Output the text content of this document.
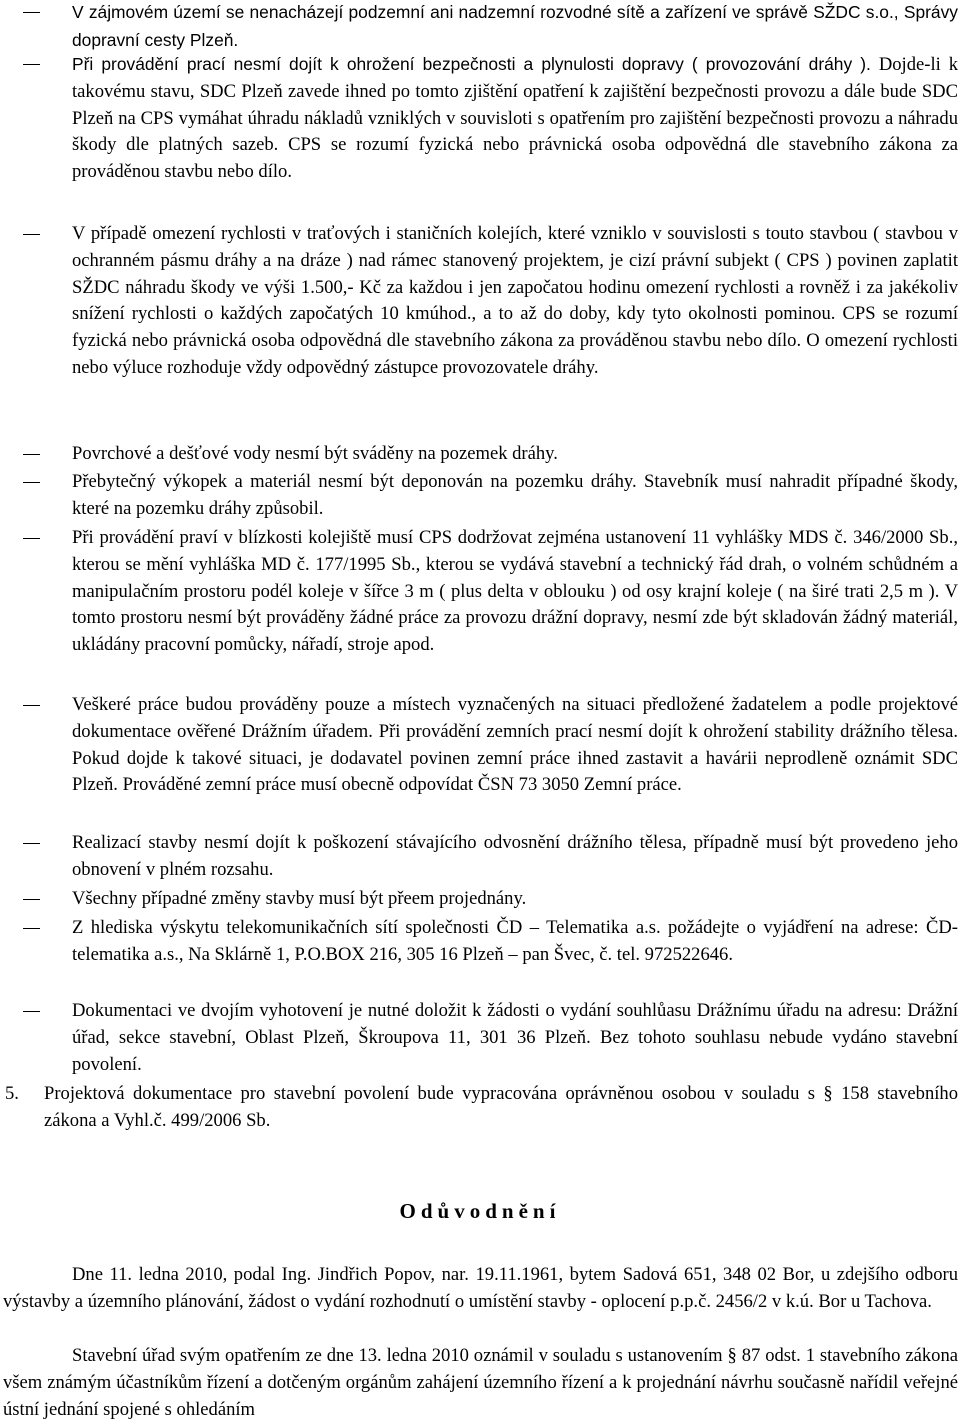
V zájmovém území se nenacházejí podzemní ani nadzemní rozvodné sítě a zařízení ve správě SŽDC s.o., Správy dopravní cesty Plzeň.
Při provádění prací nesmí dojít k ohrožení bezpečnosti a plynulosti dopravy ( provozování dráhy ). Dojde-li k takovému stavu, SDC Plzeň zavede ihned po tomto zjištění opatření k zajištění bezpečnosti provozu a dále bude SDC Plzeň na CPS vymáhat úhradu nákladů vzniklých v souvisloti s opatřením pro zajištění bezpečnosti provozu a náhradu škody dle platných sazeb. CPS se rozumí fyzická nebo právnická osoba odpovědná dle stavebního zákona za prováděnou stavbu nebo dílo.
V případě omezení rychlosti v traťových i staničních kolejích, které vzniklo v souvislosti s touto stavbou ( stavbou v ochranném pásmu dráhy a na dráze ) nad rámec stanovený projektem, je cizí právní subjekt ( CPS ) povinen zaplatit SŽDC náhradu škody ve výši 1.500,- Kč za každou i jen započatou hodinu omezení rychlosti a rovněž i za jakékoliv snížení rychlosti o každých započatých 10 kmúhod., a to až do doby, kdy tyto okolnosti pominou. CPS se rozumí fyzická nebo právnická osoba odpovědná dle stavebního zákona za prováděnou stavbu nebo dílo. O omezení rychlosti nebo výluce rozhoduje vždy odpovědný zástupce provozovatele dráhy.
Povrchové a dešťové vody nesmí být sváděny na pozemek dráhy.
Přebytečný výkopek a materiál nesmí být deponován na pozemku dráhy. Stavebník musí nahradit případné škody, které na pozemku dráhy způsobil.
Při provádění praví v blízkosti kolejiště musí CPS dodržovat zejména ustanovení 11 vyhlášky MDS č. 346/2000 Sb., kterou se mění vyhláška MD č. 177/1995 Sb., kterou se vydává stavební a technický řád drah, o volném schůdném a manipulačním prostoru podél koleje v šířce 3 m ( plus delta v oblouku ) od osy krajní koleje ( na širé trati 2,5 m ). V tomto prostoru nesmí být prováděny žádné práce za provozu drážní dopravy, nesmí zde být skladován žádný materiál, ukládány pracovní pomůcky, nářadí, stroje apod.
Veškeré práce budou prováděny pouze a místech vyznačených na situaci předložené žadatelem a podle projektové dokumentace ověřené Drážním úřadem. Při provádění zemních prací nesmí dojít k ohrožení stability drážního tělesa. Pokud dojde k takové situaci, je dodavatel povinen zemní práce ihned zastavit a havárii neprodleně oznámit SDC Plzeň. Prováděné zemní práce musí obecně odpovídat ČSN 73 3050 Zemní práce.
Realizací stavby nesmí dojít k poškození stávajícího odvosnění drážního tělesa, případně musí být provedeno jeho obnovení v plném rozsahu.
Všechny případné změny stavby musí být přeem projednány.
Z hlediska výskytu telekomunikačních sítí společnosti ČD – Telematika a.s. požádejte o vyjádření na adrese: ČD-telematika a.s., Na Sklárně 1, P.O.BOX 216, 305 16 Plzeň – pan Švec, č. tel. 972522646.
Dokumentaci ve dvojím vyhotovení je nutné doložit k žádosti o vydání souhlůasu Drážnímu úřadu na adresu: Drážní úřad, sekce stavební, Oblast Plzeň, Škroupova 11, 301 36 Plzeň. Bez tohoto souhlasu nebude vydáno stavební povolení.
5. Projektová dokumentace pro stavební povolení bude vypracována oprávněnou osobou v souladu s § 158 stavebního zákona a Vyhl.č. 499/2006 Sb.
Odůvodnění
Dne 11. ledna 2010, podal Ing. Jindřich Popov, nar. 19.11.1961, bytem Sadová 651, 348 02 Bor, u zdejšího odboru výstavby a územního plánování, žádost o vydání rozhodnutí o umístění stavby - oplocení p.p.č. 2456/2 v k.ú. Bor u Tachova.
Stavební úřad svým opatřením ze dne 13. ledna 2010 oznámil v souladu s ustanovením § 87 odst. 1 stavebního zákona všem známým účastníkům řízení a dotčeným orgánům zahájení územního řízení a k projednání návrhu současně nařídil veřejné ústní jednání spojené s ohledáním
